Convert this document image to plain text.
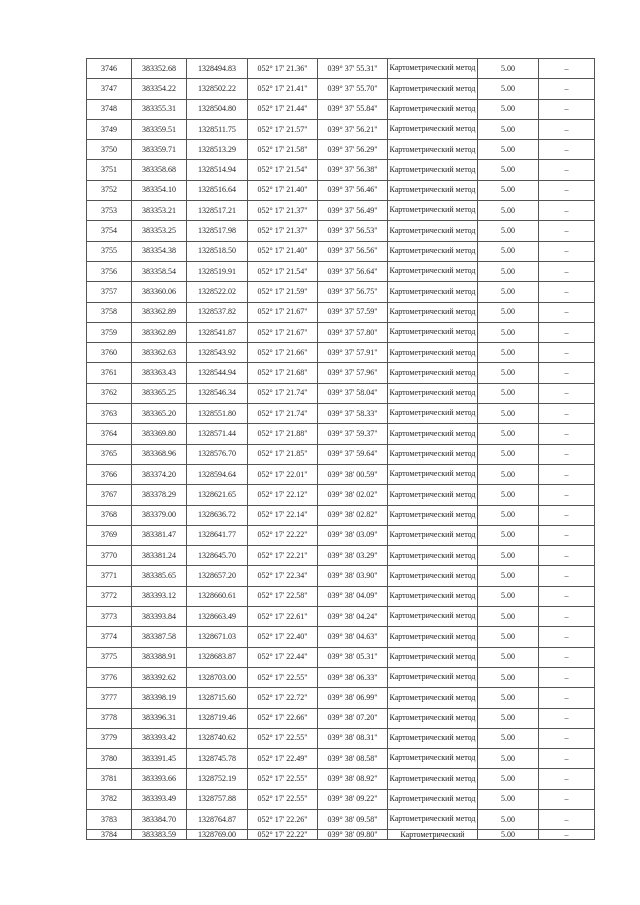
3746	383352.68	1328494.83	052° 17' 21.36"	039° 37' 55.31"	Картометрический метод	5.00	–
3747	383354.22	1328502.22	052° 17' 21.41"	039° 37' 55.70"	Картометрический метод	5.00	–
3748	383355.31	1328504.80	052° 17' 21.44"	039° 37' 55.84"	Картометрический метод	5.00	–
3749	383359.51	1328511.75	052° 17' 21.57"	039° 37' 56.21"	Картометрический метод	5.00	–
3750	383359.71	1328513.29	052° 17' 21.58"	039° 37' 56.29"	Картометрический метод	5.00	–
3751	383358.68	1328514.94	052° 17' 21.54"	039° 37' 56.38"	Картометрический метод	5.00	–
3752	383354.10	1328516.64	052° 17' 21.40"	039° 37' 56.46"	Картометрический метод	5.00	–
3753	383353.21	1328517.21	052° 17' 21.37"	039° 37' 56.49"	Картометрический метод	5.00	–
3754	383353.25	1328517.98	052° 17' 21.37"	039° 37' 56.53"	Картометрический метод	5.00	–
3755	383354.38	1328518.50	052° 17' 21.40"	039° 37' 56.56"	Картометрический метод	5.00	–
3756	383358.54	1328519.91	052° 17' 21.54"	039° 37' 56.64"	Картометрический метод	5.00	–
3757	383360.06	1328522.02	052° 17' 21.59"	039° 37' 56.75"	Картометрический метод	5.00	–
3758	383362.89	1328537.82	052° 17' 21.67"	039° 37' 57.59"	Картометрический метод	5.00	–
3759	383362.89	1328541.87	052° 17' 21.67"	039° 37' 57.80"	Картометрический метод	5.00	–
3760	383362.63	1328543.92	052° 17' 21.66"	039° 37' 57.91"	Картометрический метод	5.00	–
3761	383363.43	1328544.94	052° 17' 21.68"	039° 37' 57.96"	Картометрический метод	5.00	–
3762	383365.25	1328546.34	052° 17' 21.74"	039° 37' 58.04"	Картометрический метод	5.00	–
3763	383365.20	1328551.80	052° 17' 21.74"	039° 37' 58.33"	Картометрический метод	5.00	–
3764	383369.80	1328571.44	052° 17' 21.88"	039° 37' 59.37"	Картометрический метод	5.00	–
3765	383368.96	1328576.70	052° 17' 21.85"	039° 37' 59.64"	Картометрический метод	5.00	–
3766	383374.20	1328594.64	052° 17' 22.01"	039° 38' 00.59"	Картометрический метод	5.00	–
3767	383378.29	1328621.65	052° 17' 22.12"	039° 38' 02.02"	Картометрический метод	5.00	–
3768	383379.00	1328636.72	052° 17' 22.14"	039° 38' 02.82"	Картометрический метод	5.00	–
3769	383381.47	1328641.77	052° 17' 22.22"	039° 38' 03.09"	Картометрический метод	5.00	–
3770	383381.24	1328645.70	052° 17' 22.21"	039° 38' 03.29"	Картометрический метод	5.00	–
3771	383385.65	1328657.20	052° 17' 22.34"	039° 38' 03.90"	Картометрический метод	5.00	–
3772	383393.12	1328660.61	052° 17' 22.58"	039° 38' 04.09"	Картометрический метод	5.00	–
3773	383393.84	1328663.49	052° 17' 22.61"	039° 38' 04.24"	Картометрический метод	5.00	–
3774	383387.58	1328671.03	052° 17' 22.40"	039° 38' 04.63"	Картометрический метод	5.00	–
3775	383388.91	1328683.87	052° 17' 22.44"	039° 38' 05.31"	Картометрический метод	5.00	–
3776	383392.62	1328703.00	052° 17' 22.55"	039° 38' 06.33"	Картометрический метод	5.00	–
3777	383398.19	1328715.60	052° 17' 22.72"	039° 38' 06.99"	Картометрический метод	5.00	–
3778	383396.31	1328719.46	052° 17' 22.66"	039° 38' 07.20"	Картометрический метод	5.00	–
3779	383393.42	1328740.62	052° 17' 22.55"	039° 38' 08.31"	Картометрический метод	5.00	–
3780	383391.45	1328745.78	052° 17' 22.49"	039° 38' 08.58"	Картометрический метод	5.00	–
3781	383393.66	1328752.19	052° 17' 22.55"	039° 38' 08.92"	Картометрический метод	5.00	–
3782	383393.49	1328757.88	052° 17' 22.55"	039° 38' 09.22"	Картометрический метод	5.00	–
3783	383384.70	1328764.87	052° 17' 22.26"	039° 38' 09.58"	Картометрический метод	5.00	–
3784	383383.59	1328769.00	052° 17' 22.22"	039° 38' 09.80"	Картометрический	5.00	–
